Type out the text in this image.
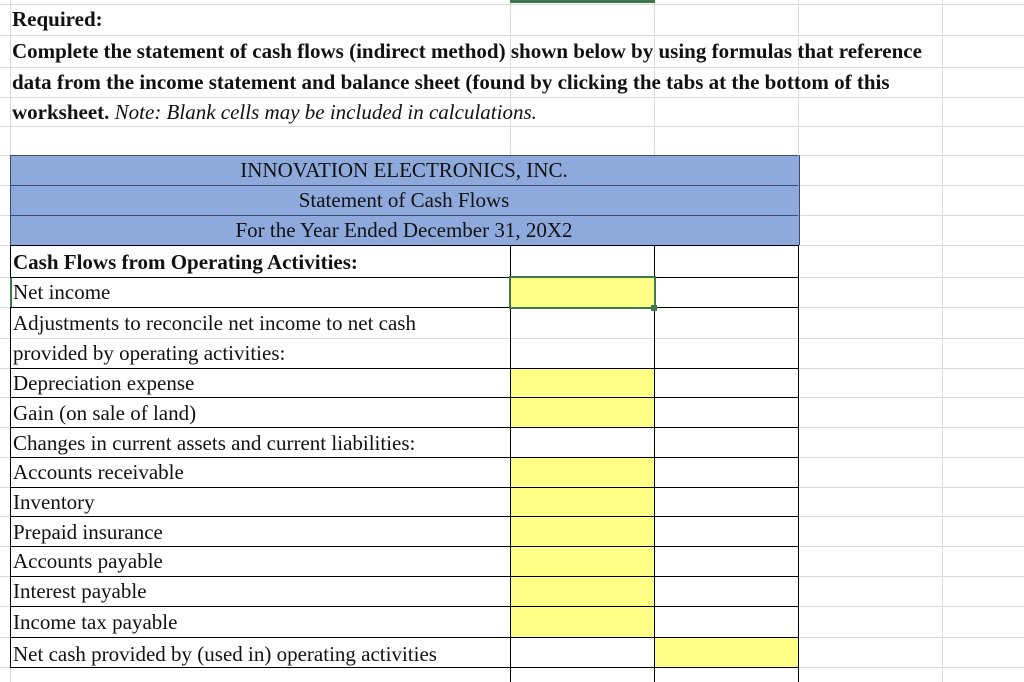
Required:
Complete the statement of cash flows (indirect method) shown below by using formulas that reference
data from the income statement and balance sheet (found by clicking the tabs at the bottom of this
worksheet. Note: Blank cells may be included in calculations.
INNOVATION ELECTRONICS, INC.
Statement of Cash Flows
For the Year Ended December 31, 20X2
Cash Flows from Operating Activities:
Net income
Adjustments to reconcile net income to net cash
provided by operating activities:
Depreciation expense
Gain (on sale of land)
Changes in current assets and current liabilities:
Accounts receivable
Inventory
Prepaid insurance
Accounts payable
Interest payable
Income tax payable
Net cash provided by (used in) operating activities
